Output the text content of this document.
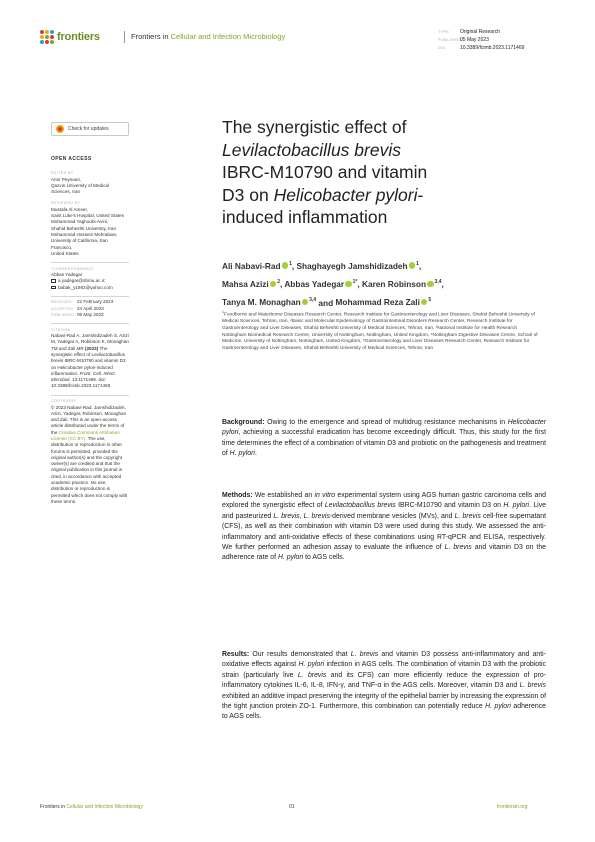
frontiers	Frontiers in Cellular and Infection Microbiology	TYPE Original Research
PUBLISHED05 May 2023
DOI	10.3389/fcimb.2023.1171469
Check for updates
OPEN ACCESS
EDITED BY
Amir Peymani,
Qazvin University of Medical Sciences, Iran
REVIEWED BY
Mustafa Al Ameer,
Saint Luke's Hospital, United States
Mohammad Yaghoubi-Avini,
Shahid Beheshti University, Iran
Mohammad Hossein Mehrabian,
University of California, San Francisco,
United States
*CORRESPONDENCE
Abbas Yadegar
a.yadegar@sbmu.ac.ir;
babak_y1983@yahoo.com
RECEIVED	22 February 2023
ACCEPTED 24 April 2023
PUBLISHED 05 May 2023
CITATION
Nabavi-Rad A, Jamshidizadeh S, Azizi M, Yadegar A, Robinson K, Monaghan TM and Zali MR (2023) The synergistic effect of Levilactobacillus brevis IBRC-M10790 and vitamin D3 on Helicobacter pylori-induced inflammation. Front. Cell. Infect. Microbiol. 13:1171469. doi: 10.3389/fcimb.2023.1171469
COPYRIGHT
© 2023 Nabavi-Rad, Jamshidizadeh, Azizi, Yadegar, Robinson, Monaghan and Zali. This is an open-access article distributed under the terms of the Creative Commons Attribution License (CC BY). The use, distribution or reproduction in other forums is permitted, provided the original author(s) and the copyright owner(s) are credited and that the original publication in this journal is cited, in accordance with accepted academic practice. No use, distribution or reproduction is permitted which does not comply with these terms.
The synergistic effect of
Levilactobacillus brevis
IBRC-M10790 and vitamin
D3 on Helicobacter pylori-
induced inflammation
Ali Nabavi-Rad $^1$, Shaghayegh Jamshidizadeh $^1$,
Mahsa Azizi $^2$, Abbas Yadegar $^{1*}$, Karen Robinson $^{3,4}$,
Tanya M. Monaghan $^{3,4}$ and Mohammad Reza Zali $^5$
$^1$Foodborne and Waterborne Diseases Research Center, Research Institute for Gastroenterology and Liver Diseases, Shahid Beheshti University of Medical Sciences, Tehran, Iran, ²Basic and Molecular Epidemiology of Gastrointestinal Disorders Research Center, Research Institute for Gastroenterology and Liver Diseases, Shahid Beheshti University of Medical Sciences, Tehran, Iran, ³National Institute for Health Research Nottingham Biomedical Research Centre, University of Nottingham, Nottingham, United Kingdom, ⁴Nottingham Digestive Diseases Centre, School of Medicine, University of Nottingham, Nottingham, United Kingdom, ⁵Gastroenterology and Liver Diseases Research Center, Research Institute for Gastroenterology and Liver Diseases, Shahid Beheshti University of Medical Sciences, Tehran, Iran
Background: Owing to the emergence and spread of multidrug resistance mechanisms in Helicobacter pylori, achieving a successful eradication has become exceedingly difficult. Thus, this study for the first time determines the effect of a combination of vitamin D3 and probiotic on the pathogenesis and treatment of H. pylori.
Methods: We established an in vitro experimental system using AGS human gastric carcinoma cells and explored the synergistic effect of Levilactobacillus brevis IBRC-M10790 and vitamin D3 on H. pylori. Live and pasteurized L. brevis, L. brevis-derived membrane vesicles (MVs), and L. brevis cell-free supernatant (CFS), as well as their combination with vitamin D3 were used during this study. We assessed the anti-inflammatory and anti-oxidative effects of these combinations using RT-qPCR and ELISA, respectively. We further performed an adhesion assay to evaluate the influence of L. brevis and vitamin D3 on the adherence rate of H. pylori to AGS cells.
Results: Our results demonstrated that L. brevis and vitamin D3 possess anti-inflammatory and anti-oxidative effects against H. pylori infection in AGS cells. The combination of vitamin D3 with the probiotic strain (particularly live L. brevis and its CFS) can more efficiently reduce the expression of pro-inflammatory cytokines IL-6, IL-8, IFN-γ, and TNF-α in the AGS cells. Moreover, vitamin D3 and L. brevis exhibited an additive impact preserving the integrity of the epithelial barrier by increasing the expression of the tight junction protein ZO-1. Furthermore, this combination can potentially reduce H. pylori adherence to AGS cells.
Frontiers in Cellular and Infection Microbiology	01	frontiersin.org
